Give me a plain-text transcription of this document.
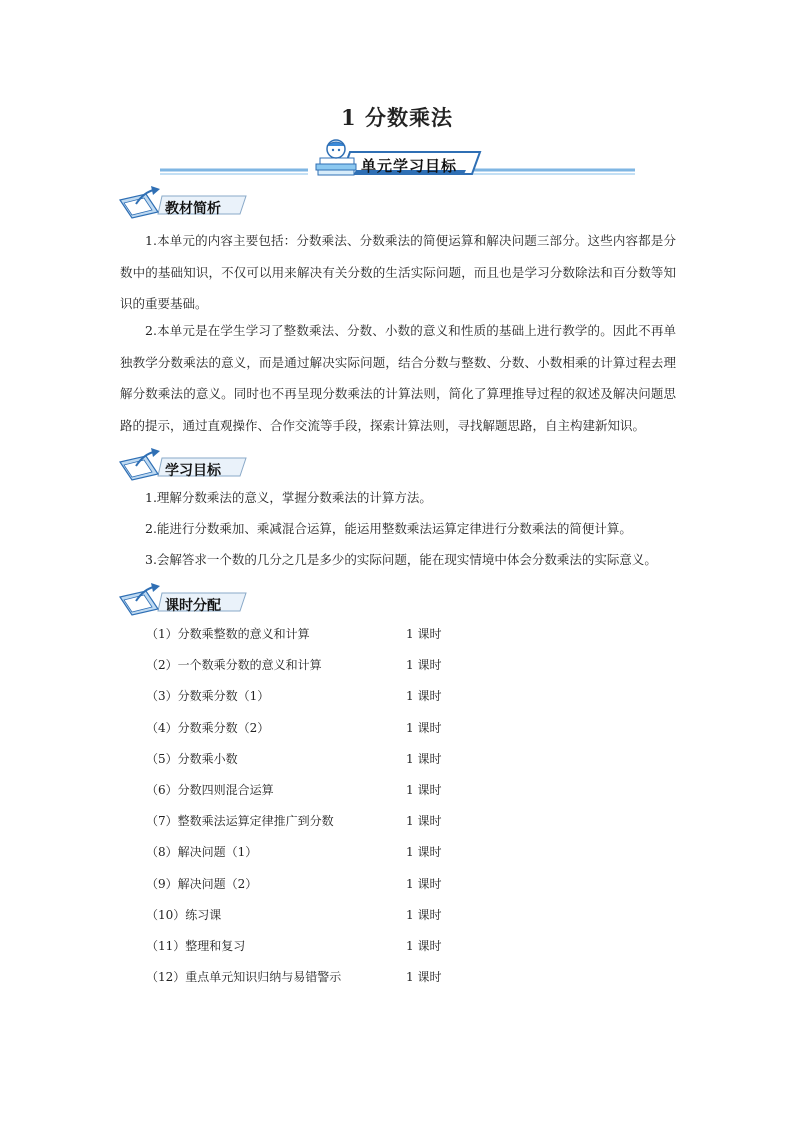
1 分数乘法
单元学习目标
教材简析

1.本单元的内容主要包括：分数乘法、分数乘法的简便运算和解决问题三部分。这些内容都是分数中的基础知识，不仅可以用来解决有关分数的生活实际问题，而且也是学习分数除法和百分数等知识的重要基础。

2.本单元是在学生学习了整数乘法、分数、小数的意义和性质的基础上进行教学的。因此不再单独教学分数乘法的意义，而是通过解决实际问题，结合分数与整数、分数、小数相乘的计算过程去理解分数乘法的意义。同时也不再呈现分数乘法的计算法则，简化了算理推导过程的叙述及解决问题思路的提示，通过直观操作、合作交流等手段，探索计算法则，寻找解题思路，自主构建新知识。

学习目标

1.理解分数乘法的意义，掌握分数乘法的计算方法。

2.能进行分数乘加、乘减混合运算，能运用整数乘法运算定律进行分数乘法的简便计算。

3.会解答求一个数的几分之几是多少的实际问题，能在现实情境中体会分数乘法的实际意义。

课时分配
（1）分数乘整数的意义和计算	1 课时
（2）一个数乘分数的意义和计算	1 课时
（3）分数乘分数（1）	1 课时
（4）分数乘分数（2）	1 课时
（5）分数乘小数	1 课时
（6）分数四则混合运算	1 课时
（7）整数乘法运算定律推广到分数	1 课时
（8）解决问题（1）	1 课时
（9）解决问题（2）	1 课时
（10）练习课	1 课时
（11）整理和复习	1 课时
（12）重点单元知识归纳与易错警示	1 课时
